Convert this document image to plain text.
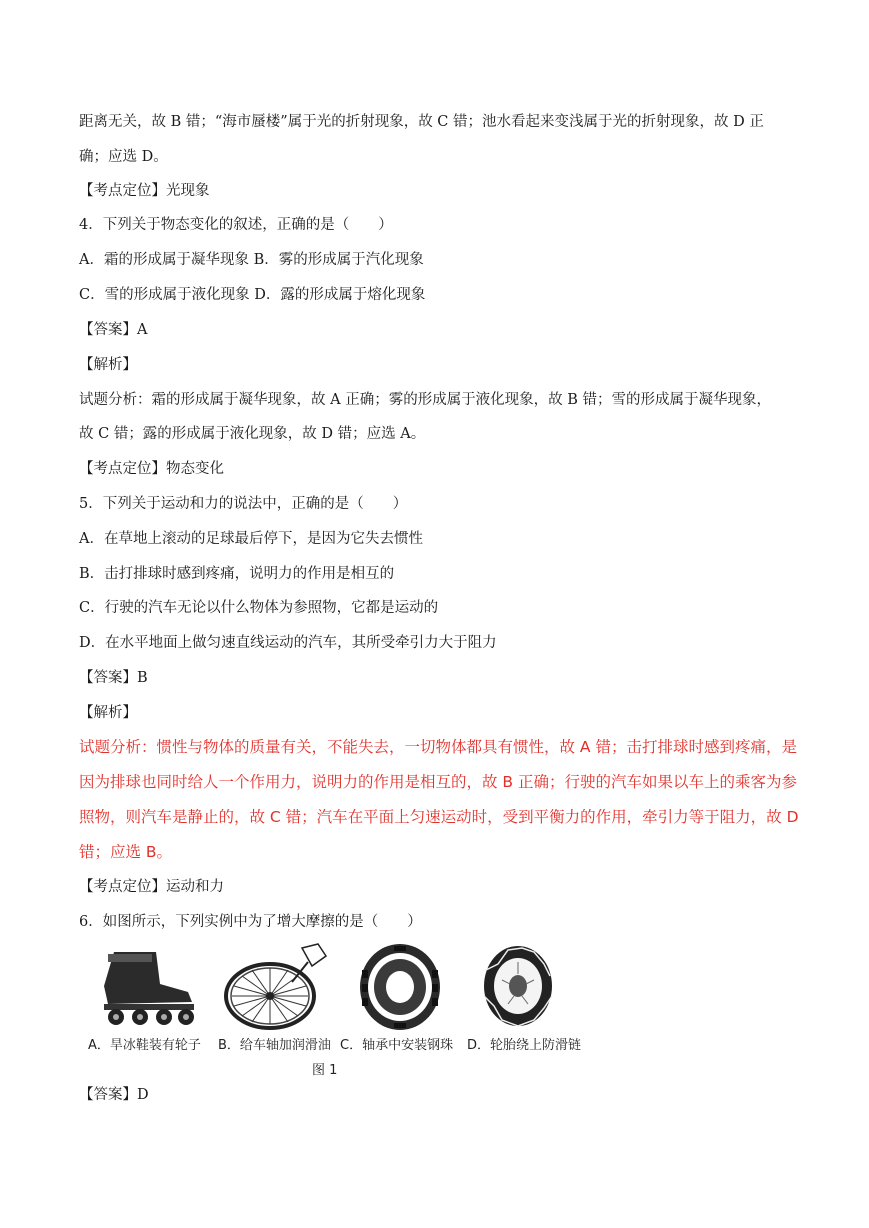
距离无关，故 B 错；“海市蜃楼”属于光的折射现象，故 C 错；池水看起来变浅属于光的折射现象，故 D 正
确；应选 D。
【考点定位】光现象
4．下列关于物态变化的叙述，正确的是（　　）
A．霜的形成属于凝华现象 B．雾的形成属于汽化现象
C．雪的形成属于液化现象 D．露的形成属于熔化现象
【答案】A
【解析】
试题分析：霜的形成属于凝华现象，故 A 正确；雾的形成属于液化现象，故 B 错；雪的形成属于凝华现象，
故 C 错；露的形成属于液化现象，故 D 错；应选 A。
【考点定位】物态变化
5．下列关于运动和力的说法中，正确的是（　　）
A．在草地上滚动的足球最后停下，是因为它失去惯性
B．击打排球时感到疼痛，说明力的作用是相互的
C．行驶的汽车无论以什么物体为参照物，它都是运动的
D．在水平地面上做匀速直线运动的汽车，其所受牵引力大于阻力
【答案】B
【解析】
试题分析：惯性与物体的质量有关，不能失去，一切物体都具有惯性，故 A 错；击打排球时感到疼痛，是
因为排球也同时给人一个作用力，说明力的作用是相互的，故 B 正确；行驶的汽车如果以车上的乘客为参
照物，则汽车是静止的，故 C 错；汽车在平面上匀速运动时，受到平衡力的作用，牵引力等于阻力，故 D
错；应选 B。
【考点定位】运动和力
6．如图所示，下列实例中为了增大摩擦的是（　　）
A．旱冰鞋装有轮子 B．给车轴加润滑油 C．轴承中安装钢珠 D．轮胎绕上防滑链
图 1
【答案】D
